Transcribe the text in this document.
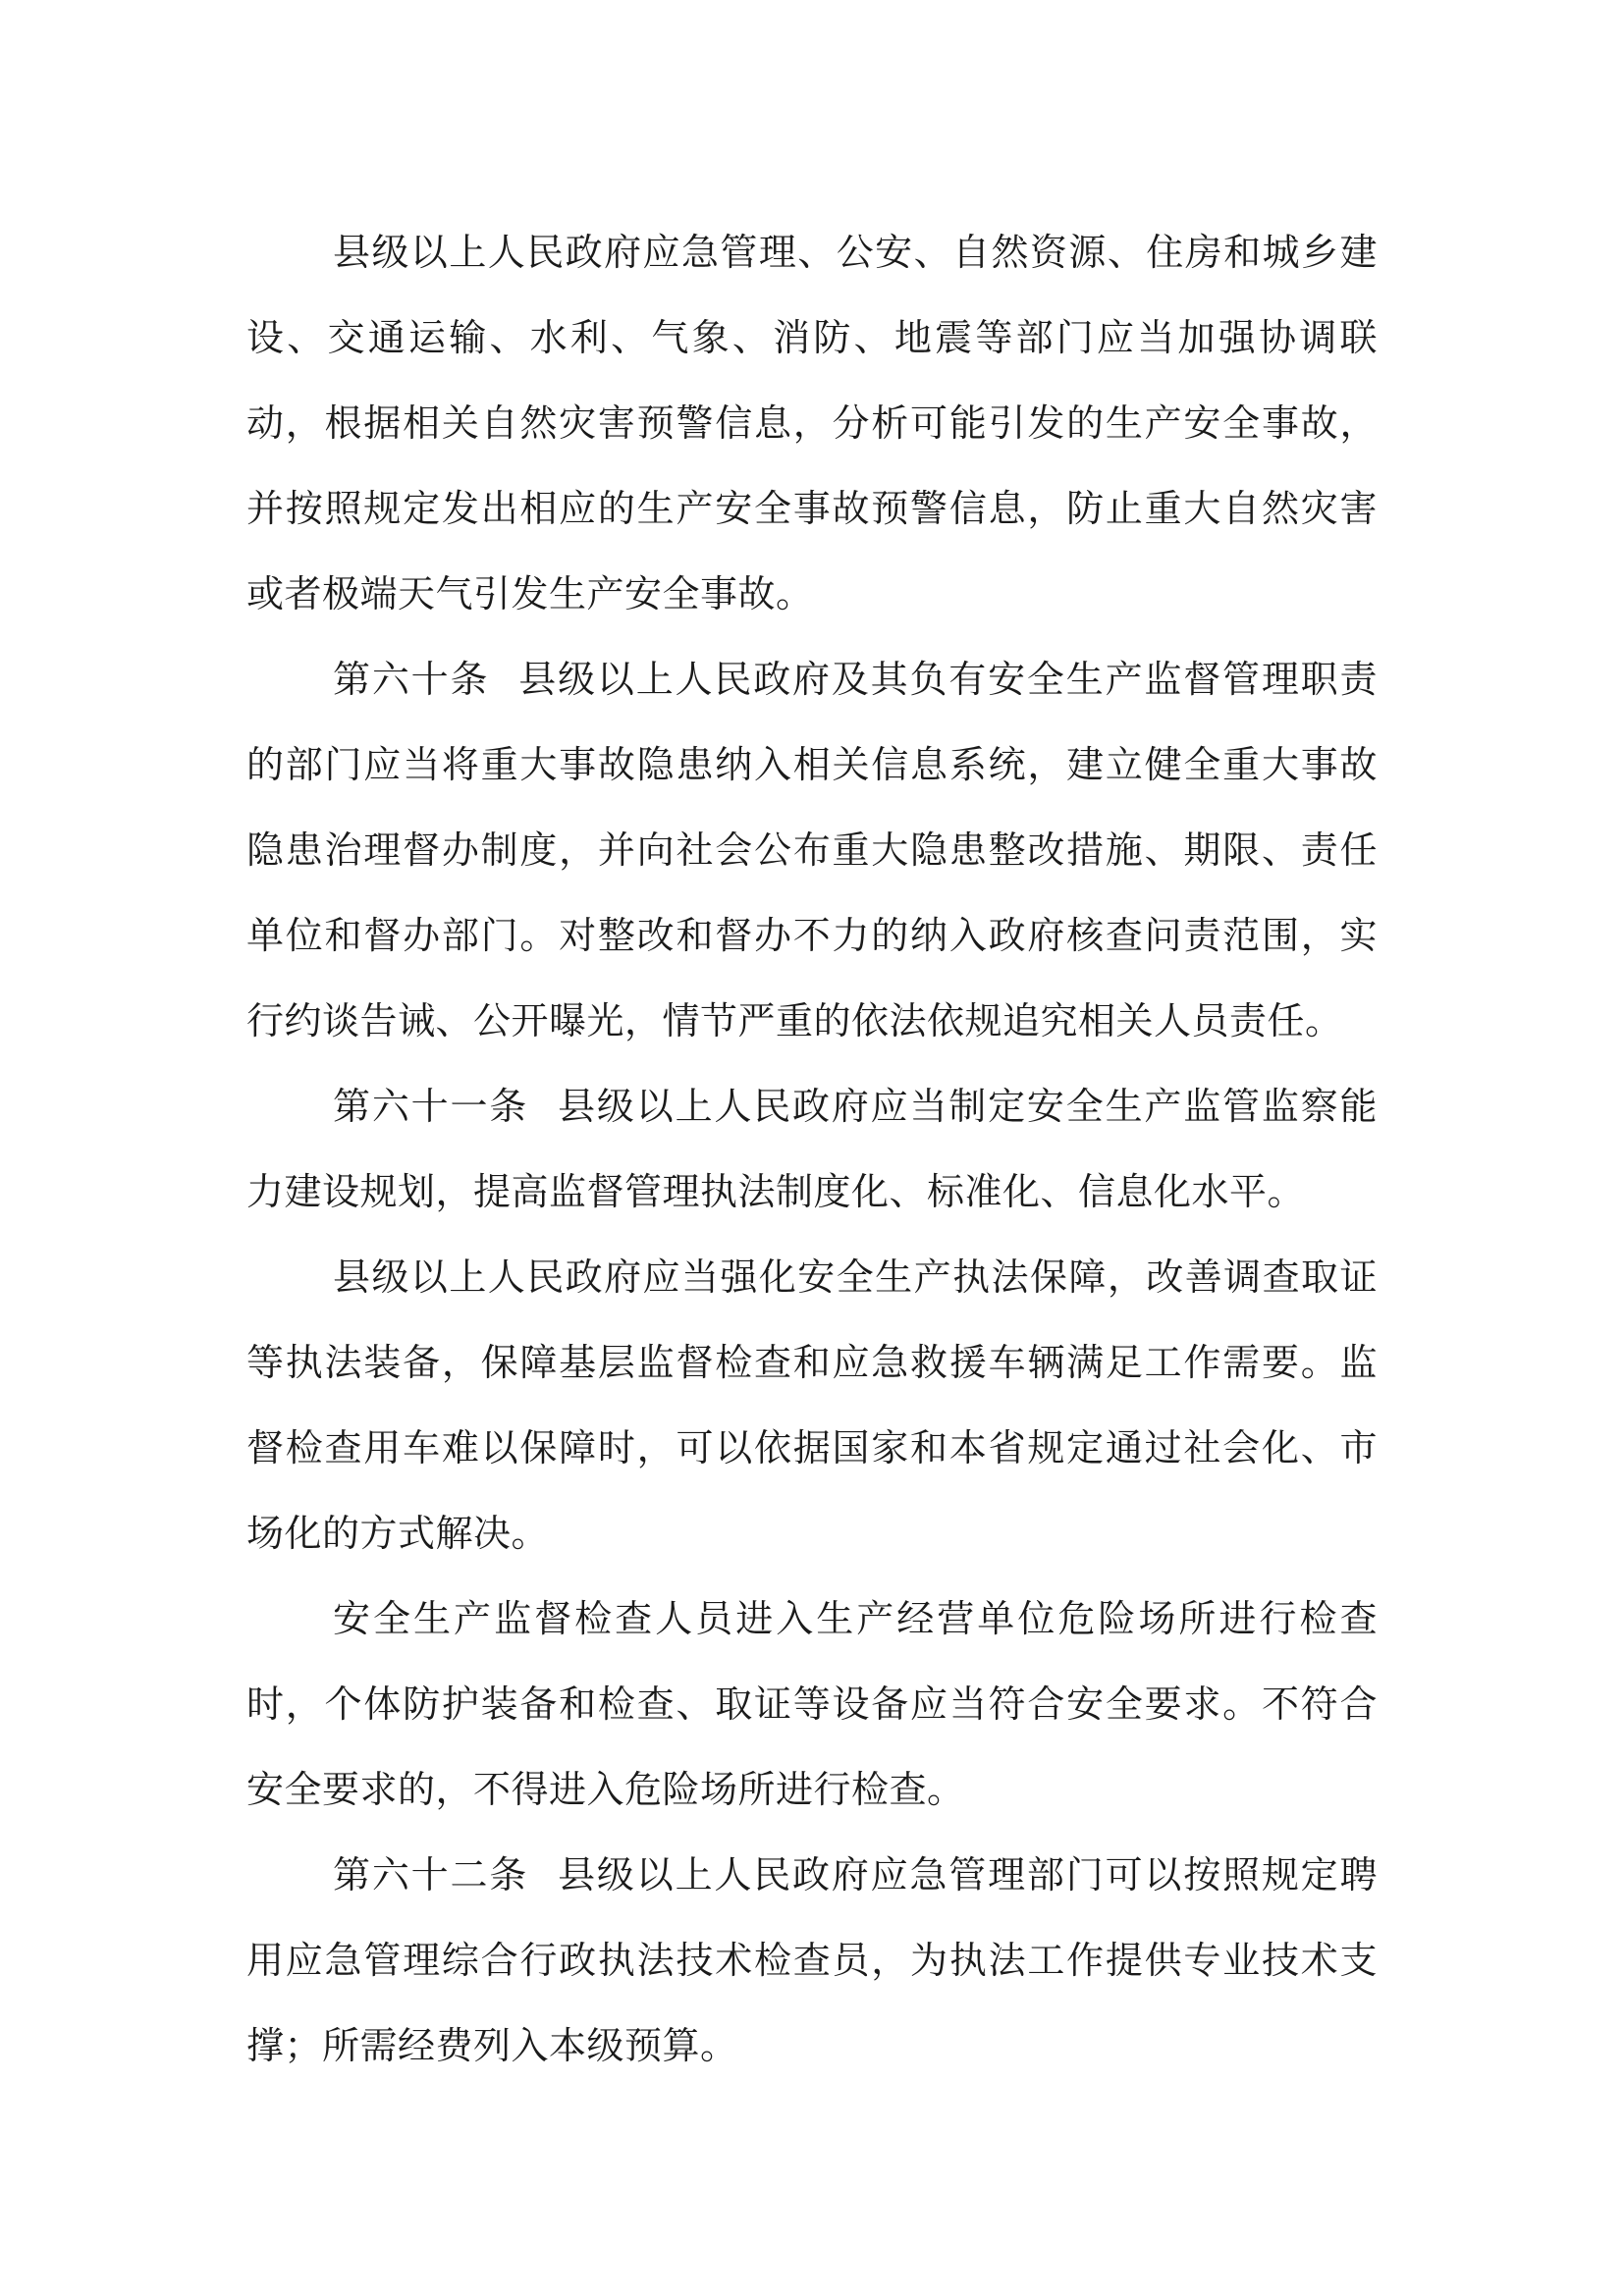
县级以上人民政府应急管理、公安、自然资源、住房和城乡建设、交通运输、水利、气象、消防、地震等部门应当加强协调联动，根据相关自然灾害预警信息，分析可能引发的生产安全事故，并按照规定发出相应的生产安全事故预警信息，防止重大自然灾害或者极端天气引发生产安全事故。

第六十条 县级以上人民政府及其负有安全生产监督管理职责的部门应当将重大事故隐患纳入相关信息系统，建立健全重大事故隐患治理督办制度，并向社会公布重大隐患整改措施、期限、责任单位和督办部门。对整改和督办不力的纳入政府核查问责范围，实行约谈告诫、公开曝光，情节严重的依法依规追究相关人员责任。

第六十一条 县级以上人民政府应当制定安全生产监管监察能力建设规划，提高监督管理执法制度化、标准化、信息化水平。

县级以上人民政府应当强化安全生产执法保障，改善调查取证等执法装备，保障基层监督检查和应急救援车辆满足工作需要。监督检查用车难以保障时，可以依据国家和本省规定通过社会化、市场化的方式解决。

安全生产监督检查人员进入生产经营单位危险场所进行检查时，个体防护装备和检查、取证等设备应当符合安全要求。不符合安全要求的，不得进入危险场所进行检查。

第六十二条 县级以上人民政府应急管理部门可以按照规定聘用应急管理综合行政执法技术检查员，为执法工作提供专业技术支撑；所需经费列入本级预算。
